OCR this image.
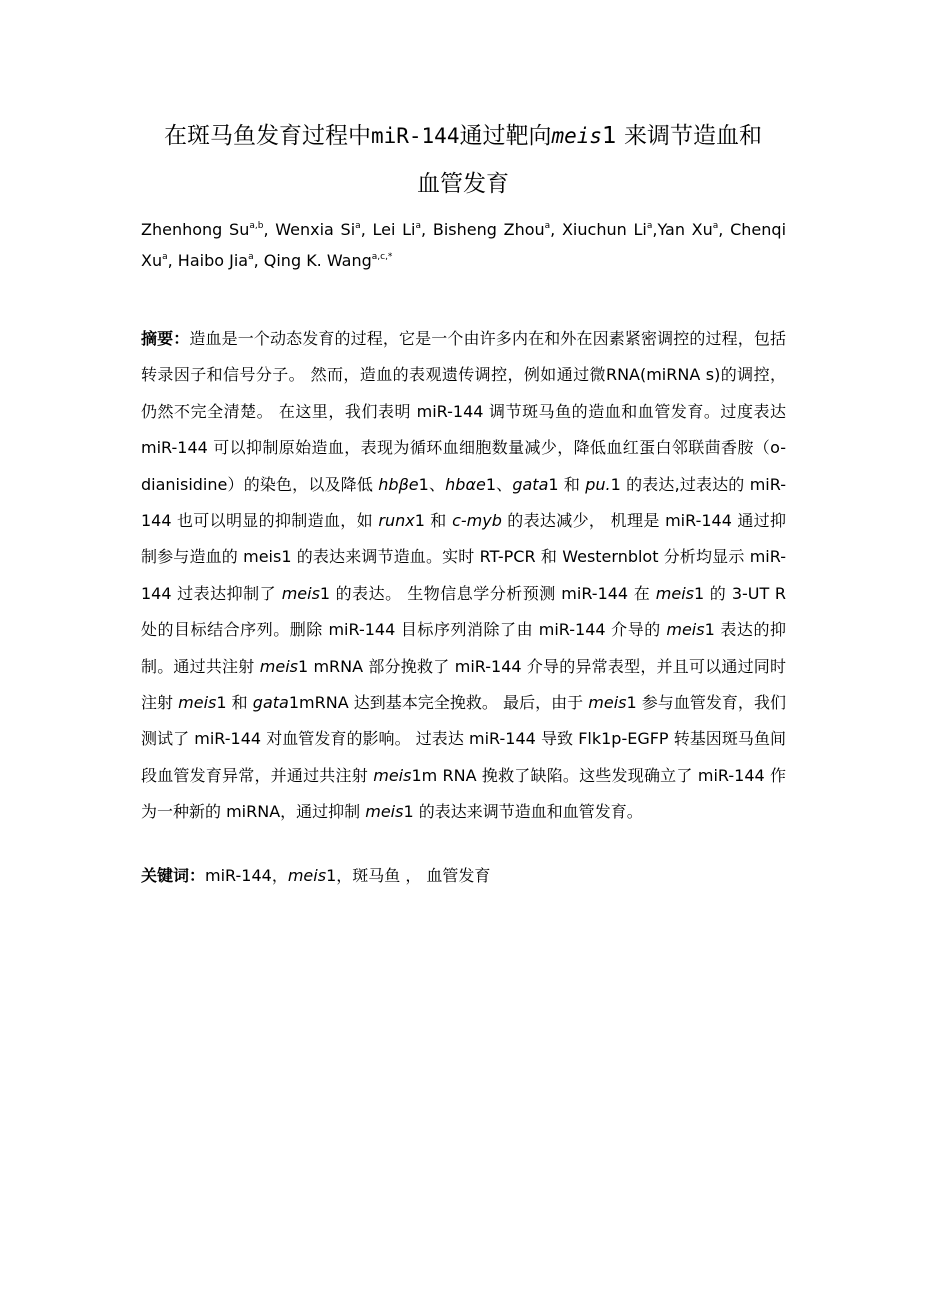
在斑马鱼发育过程中miR-144通过靶向meis1 来调节造血和
血管发育

Zhenhong Su$^{a,b}$, Wenxia Si$^a$, Lei Li$^a$, Bisheng Zhou$^a$, Xiuchun Li$^a$,Yan Xu$^a$, Chenqi Xu$^a$, Haibo Jia$^a$, Qing K. Wang$^{a,c,*}$

摘要：造血是一个动态发育的过程，它是一个由许多内在和外在因素紧密调控的过程，包括转录因子和信号分子。 然而，造血的表观遗传调控，例如通过微RNA(miRNA s)的调控，仍然不完全清楚。 在这里，我们表明 miR-144 调节斑马鱼的造血和血管发育。过度表达 miR-144 可以抑制原始造血，表现为循环血细胞数量减少，降低血红蛋白邻联茴香胺（o-dianisidine）的染色，以及降低 hbβe1、hbαe1、gata1 和 pu.1 的表达,过表达的 miR-144 也可以明显的抑制造血，如 runx1 和 c-myb 的表达减少， 机理是 miR-144 通过抑制参与造血的 meis1 的表达来调节造血。实时 RT-PCR 和 Westernblot 分析均显示 miR-144 过表达抑制了 meis1 的表达。 生物信息学分析预测 miR-144 在 meis1 的 3-UT R 处的目标结合序列。删除 miR-144 目标序列消除了由 miR-144 介导的 meis1 表达的抑制。通过共注射 meis1 mRNA 部分挽救了 miR-144 介导的异常表型，并且可以通过同时注射 meis1 和 gata1mRNA 达到基本完全挽救。 最后，由于 meis1 参与血管发育，我们测试了 miR-144 对血管发育的影响。 过表达 miR-144 导致 Flk1p-EGFP 转基因斑马鱼间段血管发育异常，并通过共注射 meis1m RNA 挽救了缺陷。这些发现确立了 miR-144 作为一种新的 miRNA，通过抑制 meis1 的表达来调节造血和血管发育。

关键词：miR-144，meis1，斑马鱼 ， 血管发育
